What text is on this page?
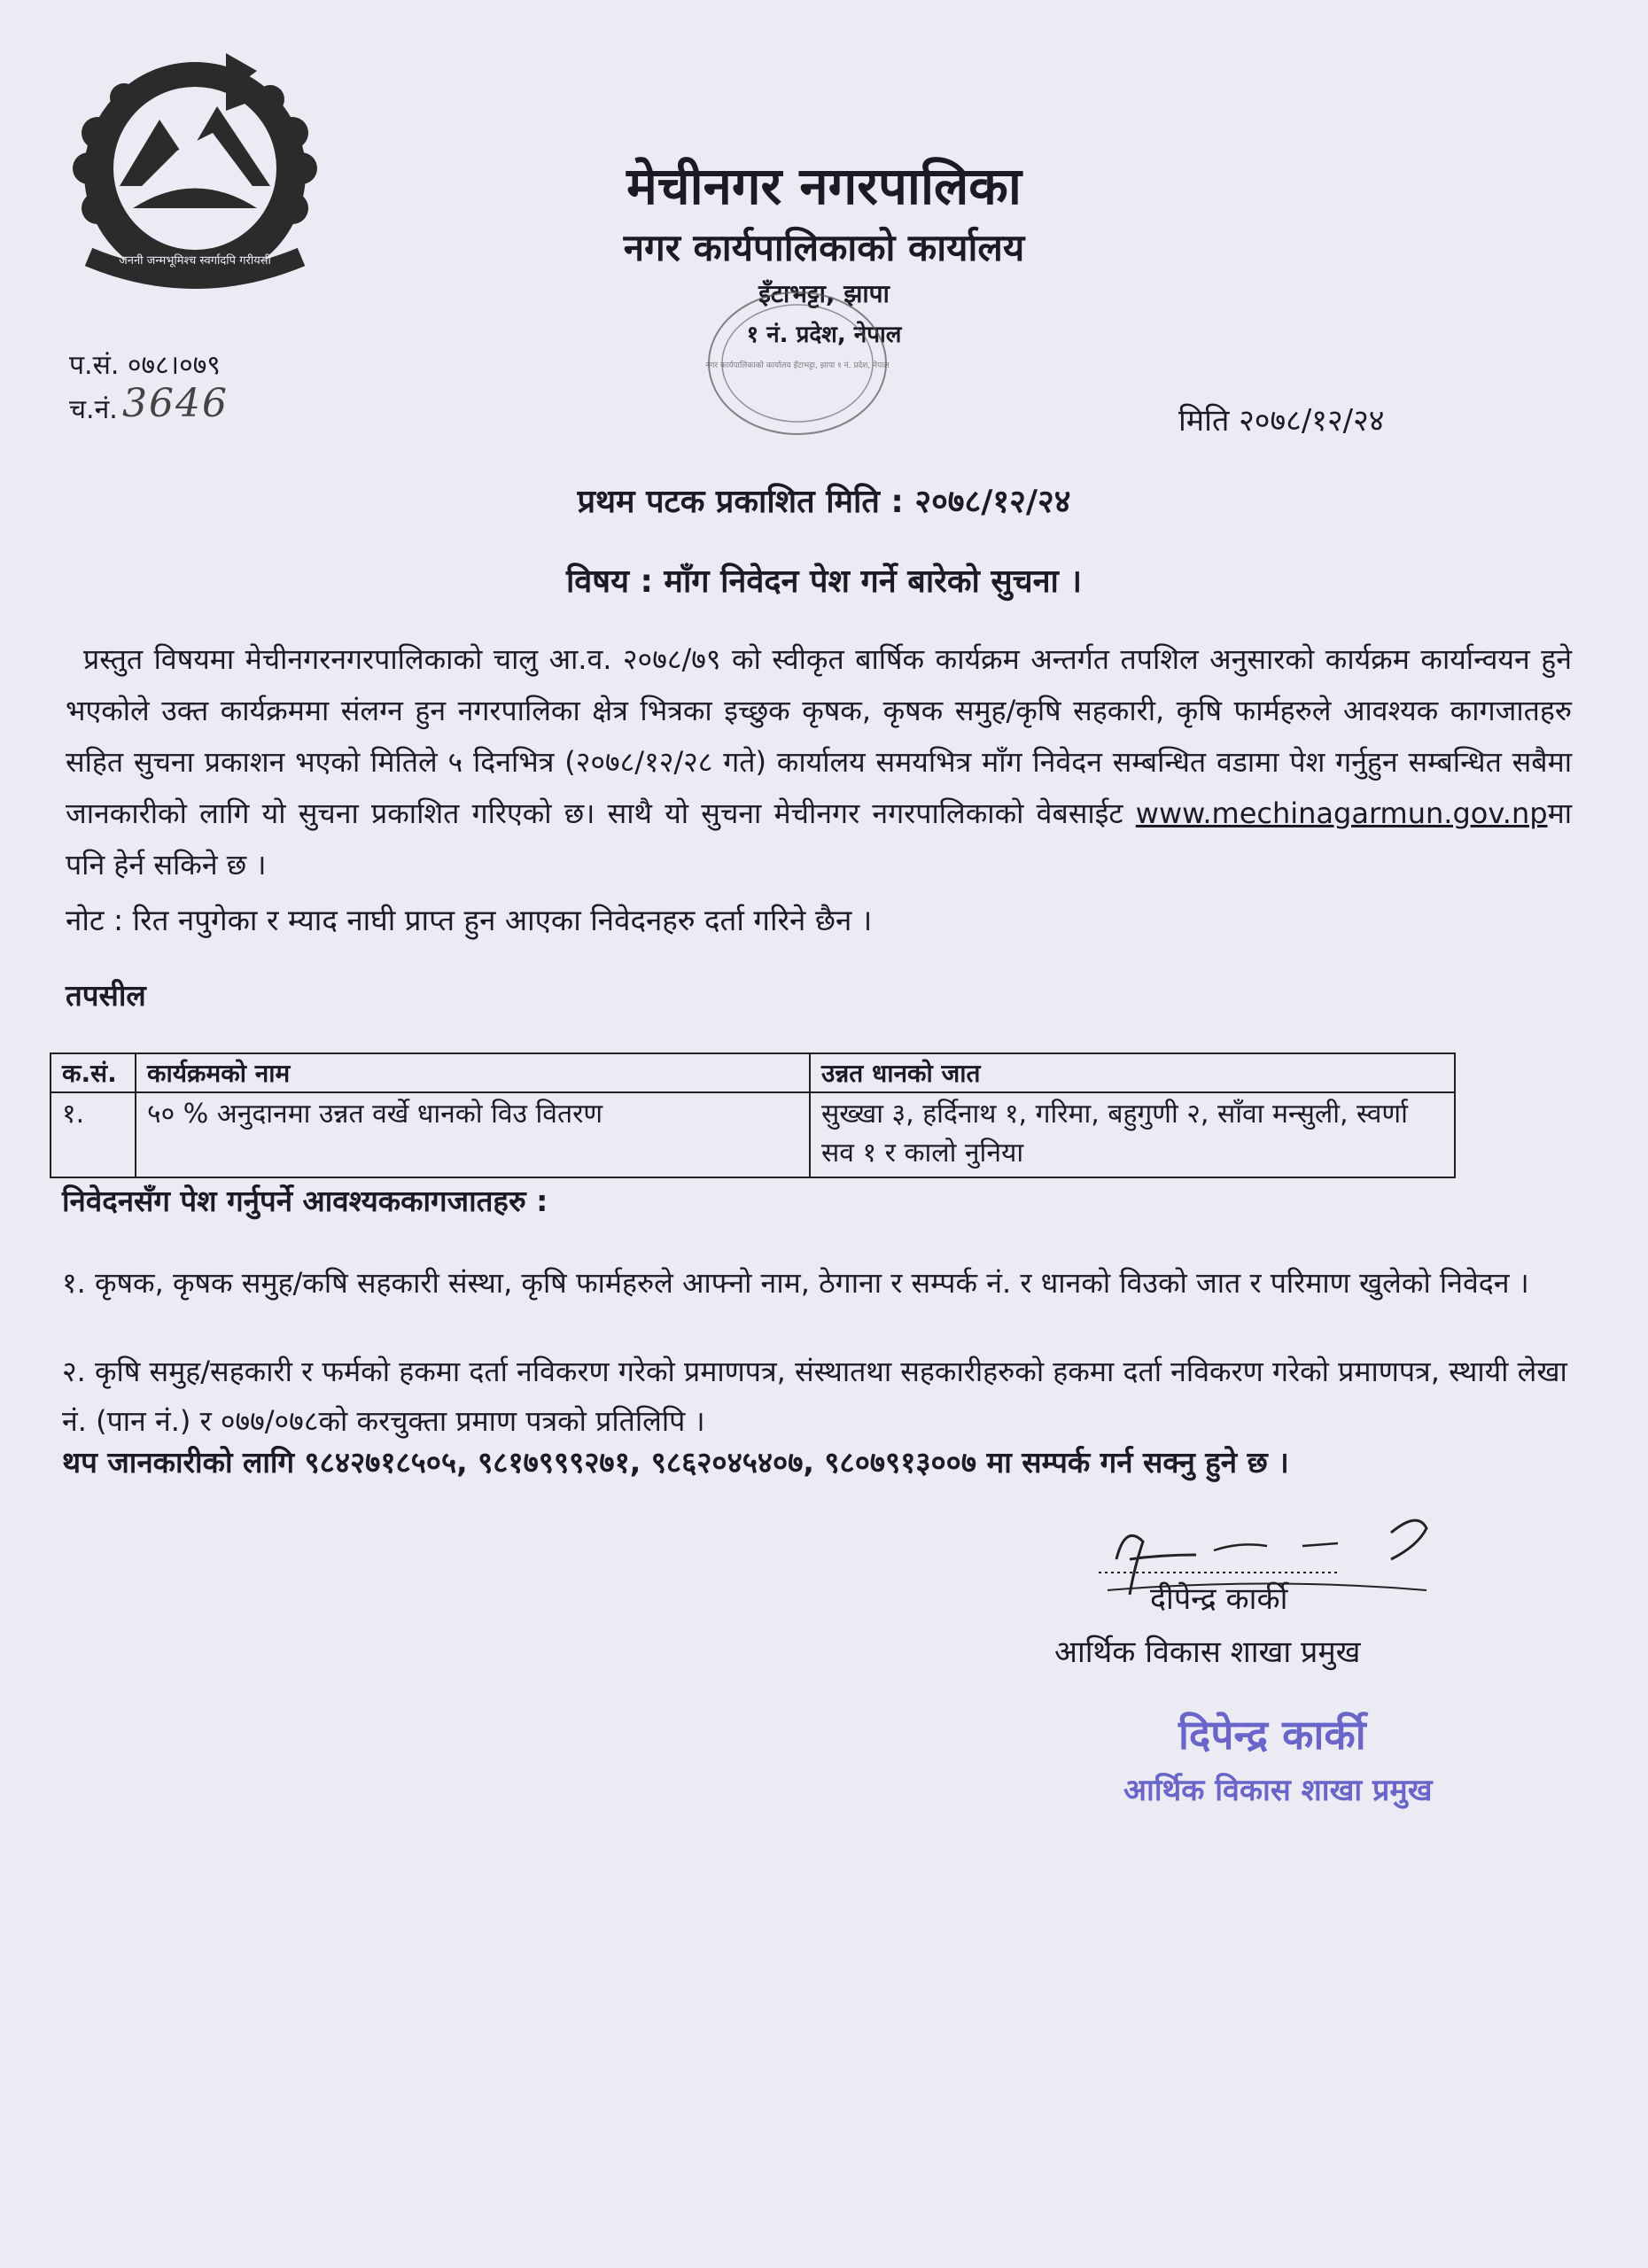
जननी जन्मभूमिश्च स्वर्गादपि गरीयसी
मेचीनगर नगरपालिका
नगर कार्यपालिकाको कार्यालय
इँटाभट्टा, झापा
१ नं. प्रदेश, नेपाल
नगर कार्यपालिकाको कार्यालय इँटाभट्टा, झापा १ नं. प्रदेश, नेपाल
प.सं. ०७८।०७९
च.नं. 3646	मिति २०७८/१२/२४
प्रथम पटक प्रकाशित मिति : २०७८/१२/२४
विषय : माँग निवेदन पेश गर्ने बारेको सुचना ।
प्रस्तुत विषयमा मेचीनगरनगरपालिकाको चालु आ.व. २०७८/७९ को स्वीकृत बार्षिक कार्यक्रम अन्तर्गत तपशिल अनुसारको कार्यक्रम कार्यान्वयन हुने भएकोले उक्त कार्यक्रममा संलग्न हुन नगरपालिका क्षेत्र भित्रका इच्छुक कृषक, कृषक समुह/कृषि सहकारी, कृषि फार्महरुले आवश्यक कागजातहरु सहित सुचना प्रकाशन भएको मितिले ५ दिनभित्र (२०७८/१२/२८ गते) कार्यालय समयभित्र माँग निवेदन सम्बन्धित वडामा पेश गर्नुहुन सम्बन्धित सबैमा जानकारीको लागि यो सुचना प्रकाशित गरिएको छ। साथै यो सुचना मेचीनगर नगरपालिकाको वेबसाईट www.mechinagarmun.gov.npमा पनि हेर्न सकिने छ ।
नोट : रित नपुगेका र म्याद नाघी प्राप्त हुन आएका निवेदनहरु दर्ता गरिने छैन ।
तपसील
क.सं.	कार्यक्रमको नाम	उन्नत धानको जात
१.	५० % अनुदानमा उन्नत वर्खे धानको विउ वितरण	सुख्खा ३, हर्दिनाथ १, गरिमा, बहुगुणी २, साँवा मन्सुली, स्वर्णा सव १ र कालो नुनिया
निवेदनसँग पेश गर्नुपर्ने आवश्यककागजातहरु :
१. कृषक, कृषक समुह/कषि सहकारी संस्था, कृषि फार्महरुले आफ्नो नाम, ठेगाना र सम्पर्क नं. र धानको विउको जात र परिमाण खुलेको निवेदन ।
२. कृषि समुह/सहकारी र फर्मको हकमा दर्ता नविकरण गरेको प्रमाणपत्र, संस्थातथा सहकारीहरुको हकमा दर्ता नविकरण गरेको प्रमाणपत्र, स्थायी लेखा नं. (पान नं.) र ०७७/०७८को करचुक्ता प्रमाण पत्रको प्रतिलिपि ।
थप जानकारीको लागि ९८४२७१८५०५, ९८१७९९९२७१, ९८६२०४५४०७, ९८०७९१३००७ मा सम्पर्क गर्न सक्नु हुने छ ।
दीपेन्द्र कार्की
आर्थिक विकास शाखा प्रमुख
दिपेन्द्र कार्की
आर्थिक विकास शाखा प्रमुख
